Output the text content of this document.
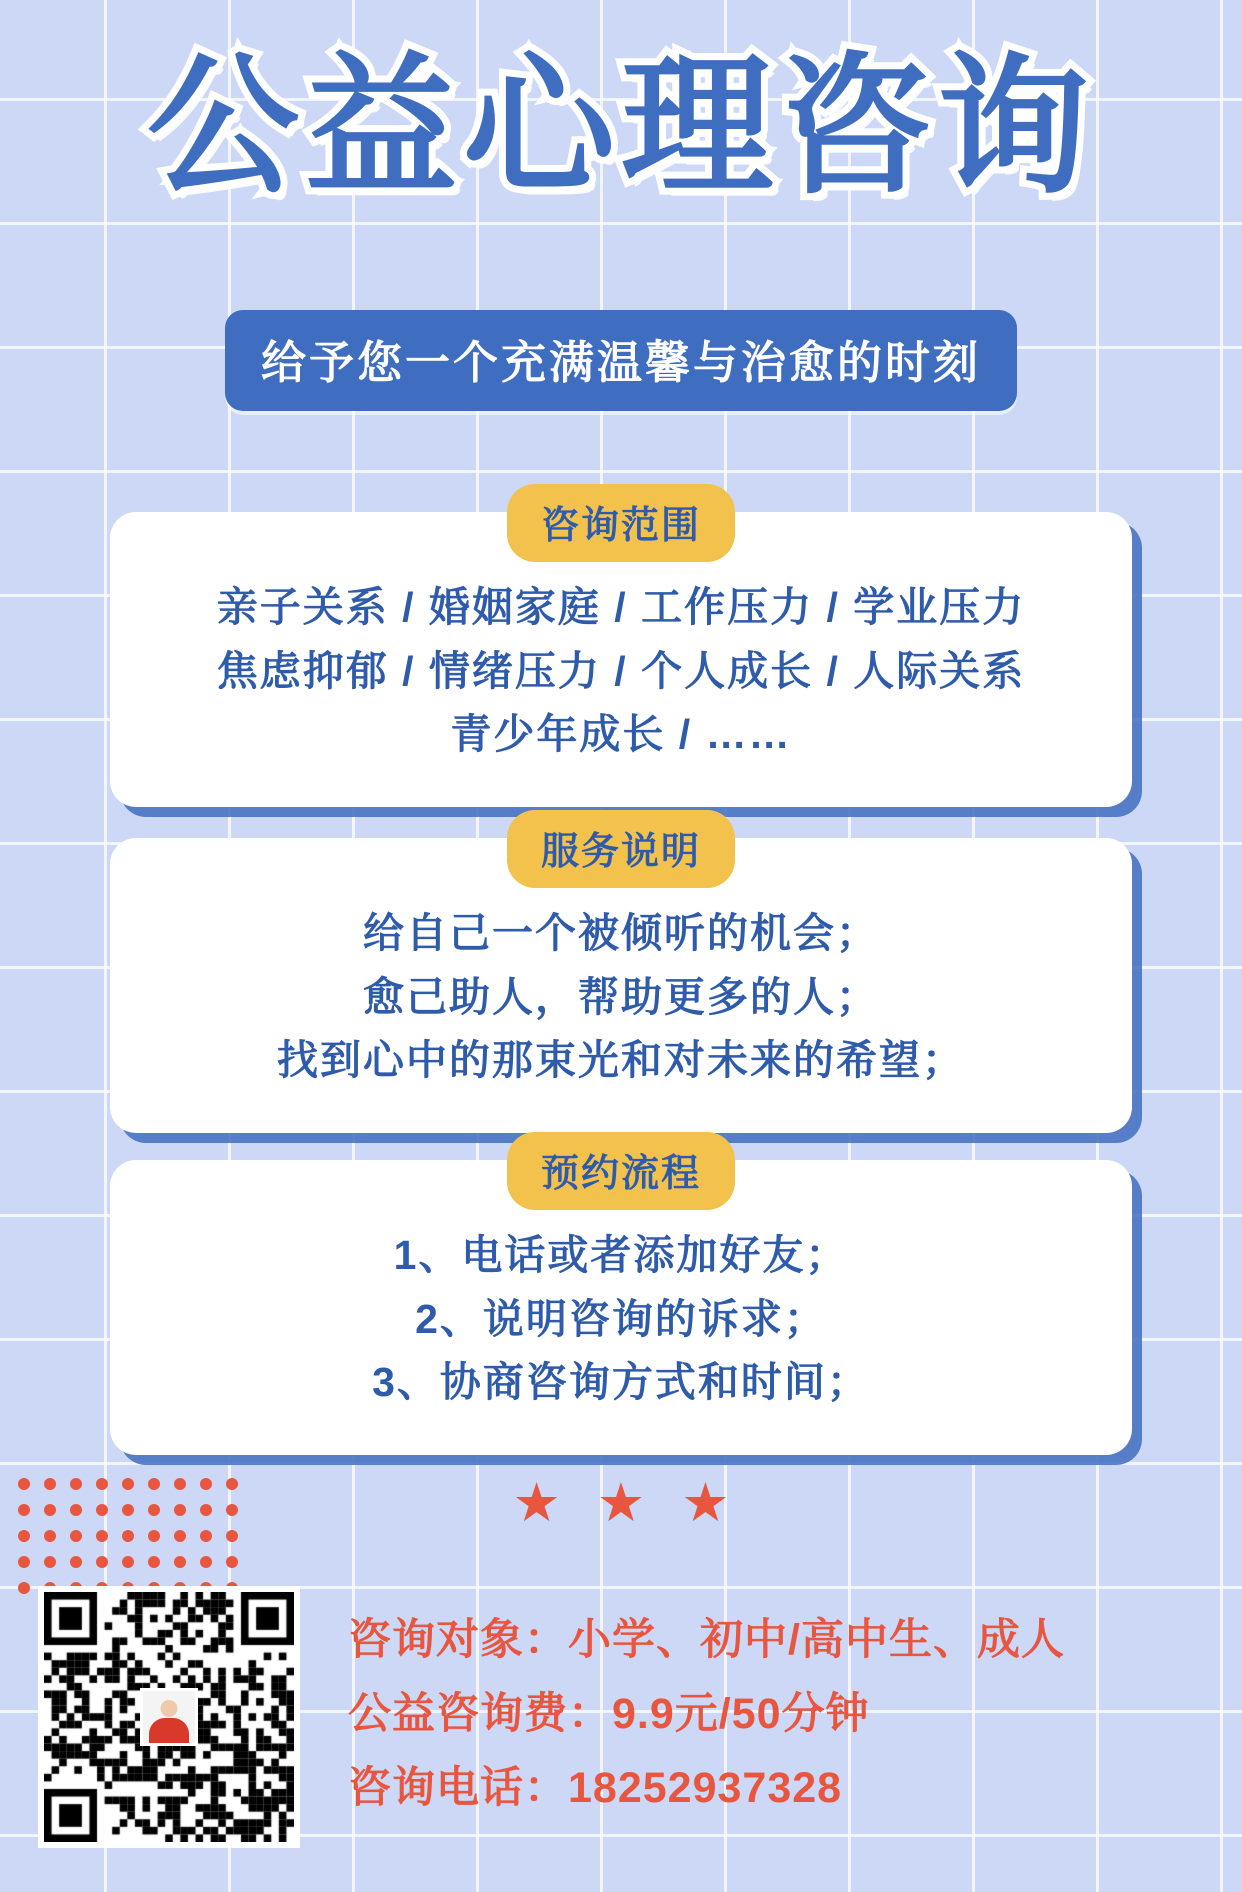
公益心理咨询
给予您一个充满温馨与治愈的时刻
咨询范围
亲子关系 / 婚姻家庭 / 工作压力 / 学业压力
焦虑抑郁 / 情绪压力 / 个人成长 / 人际关系
青少年成长 / ……
服务说明
给自己一个被倾听的机会；
愈己助人，帮助更多的人；
找到心中的那束光和对未来的希望；
预约流程
1、电话或者添加好友；
2、说明咨询的诉求；
3、协商咨询方式和时间；
★ ★ ★
咨询对象：小学、初中/高中生、成人
公益咨询费：9.9元/50分钟
咨询电话：18252937328
